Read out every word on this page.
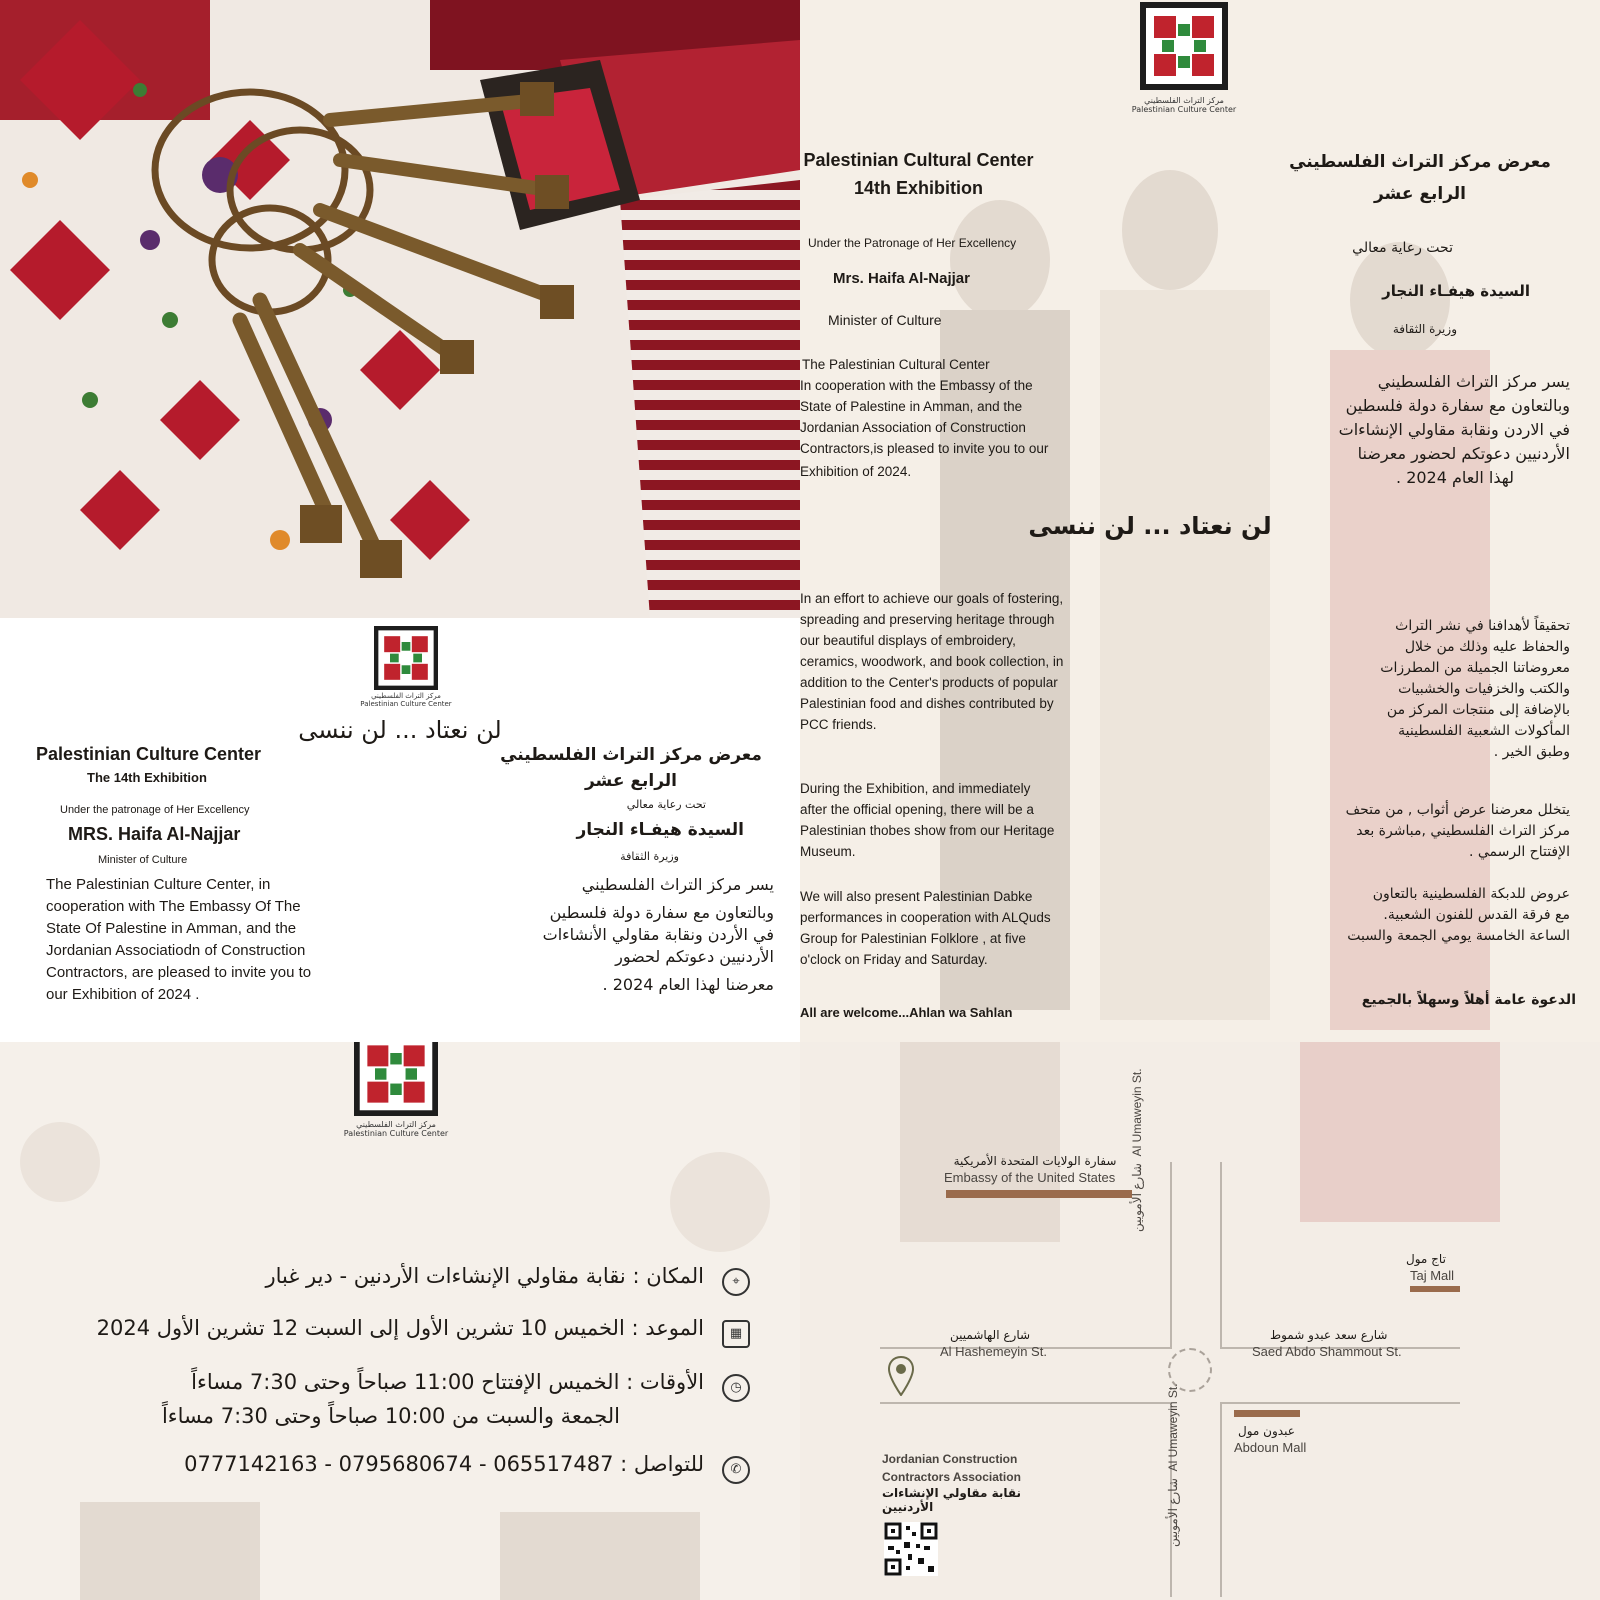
مركز التراث الفلسطيني
Palestinian Culture Center
Palestinian Cultural Center
14th Exhibition
Under the Patronage of Her Excellency
Mrs. Haifa Al-Najjar
Minister of Culture
The Palestinian Cultural Center
In cooperation with the Embassy of the
State of Palestine in Amman, and the
Jordanian Association of Construction
Contractors,is pleased to invite you to our
Exhibition of 2024.
معرض مركز التراث الفلسطيني
الرابع عشر
تحت رعاية معالي
السيدة هيفـاء النجار
وزيرة الثقافة
يسر مركز التراث الفلسطيني
وبالتعاون مع سفارة دولة فلسطين
في الاردن ونقابة مقاولي الإنشاءات
الأردنيين دعوتكم لحضور معرضنا
لهذا العام 2024 .
لن نعتاد ... لن ننسى
In an effort to achieve our goals of fostering,
spreading and preserving heritage through
our beautiful displays of embroidery,
ceramics, woodwork, and book collection, in
addition to the Center's products of popular
Palestinian food and dishes contributed by
PCC friends.
During the Exhibition, and immediately
after the official opening, there will be a
Palestinian thobes show from our Heritage
Museum.
We will also present Palestinian Dabke
performances in cooperation with ALQuds
Group for Palestinian Folklore , at five
o'clock on Friday and Saturday.
All are welcome...Ahlan wa Sahlan
تحقيقاً لأهدافنا في نشر التراث
والحفاظ عليه وذلك من خلال
معروضاتنا الجميلة من المطرزات
والكتب والخزفيات والخشبيات
بالإضافة إلى منتجات المركز من
المأكولات الشعبية الفلسطينية
وطبق الخير .
يتخلل معرضنا عرض أثواب , من متحف
مركز التراث الفلسطيني ,مباشرة بعد
الإفتتاح الرسمي .
عروض للدبكة الفلسطينية بالتعاون
مع فرقة القدس للفنون الشعبية.
الساعة الخامسة يومي الجمعة والسبت
الدعوة عامة أهلاً وسهلاً بالجميع
مركز التراث الفلسطيني
Palestinian Culture Center
لن نعتاد ... لن ننسى
Palestinian Culture Center
The 14th Exhibition
Under the patronage of Her Excellency
MRS. Haifa Al-Najjar
Minister of Culture
The Palestinian Culture Center, in
cooperation with The Embassy Of The
State Of Palestine in Amman, and the
Jordanian Associatiodn of Construction
Contractors, are pleased to invite you to
our Exhibition of 2024 .
معرض مركز التراث الفلسطيني
الرابع عشر
تحت رعاية معالي
السيدة هيفـاء النجار
وزيرة الثقافة
يسر مركز التراث الفلسطيني
وبالتعاون مع سفارة دولة فلسطين
في الأردن ونقابة مقاولي الأنشاءات
الأردنيين دعوتكم لحضور
معرضنا لهذا العام 2024 .
مركز التراث الفلسطيني
Palestinian Culture Center
⌖
المكان : نقابة مقاولي الإنشاءات الأردنين - دير غبار
▦
الموعد : الخميس 10 تشرين الأول إلى السبت 12 تشرين الأول 2024
◷
الأوقات : الخميس الإفتتاح 11:00 صباحاً وحتى 7:30 مساءاً
الجمعة والسبت من 10:00 صباحاً وحتى 7:30 مساءاً
✆
للتواصل : 065517487 - 0795680674 - 0777142163
سفارة الولايات المتحدة الأمريكية
Embassy of the United States شارع الأمويين  Al Umaweyin St.
تاج مول
Taj Mall
شارع الهاشميين
Al Hashemeyin St.
شارع سعد عبدو شموط
Saed Abdo Shammout St.
عبدون مول
Abdoun Mall
Jordanian Construction
Contractors Association
نقابة مقاولي الإنشاءات الأردنيين	شارع الأمويين  Al Umaweyin St.
